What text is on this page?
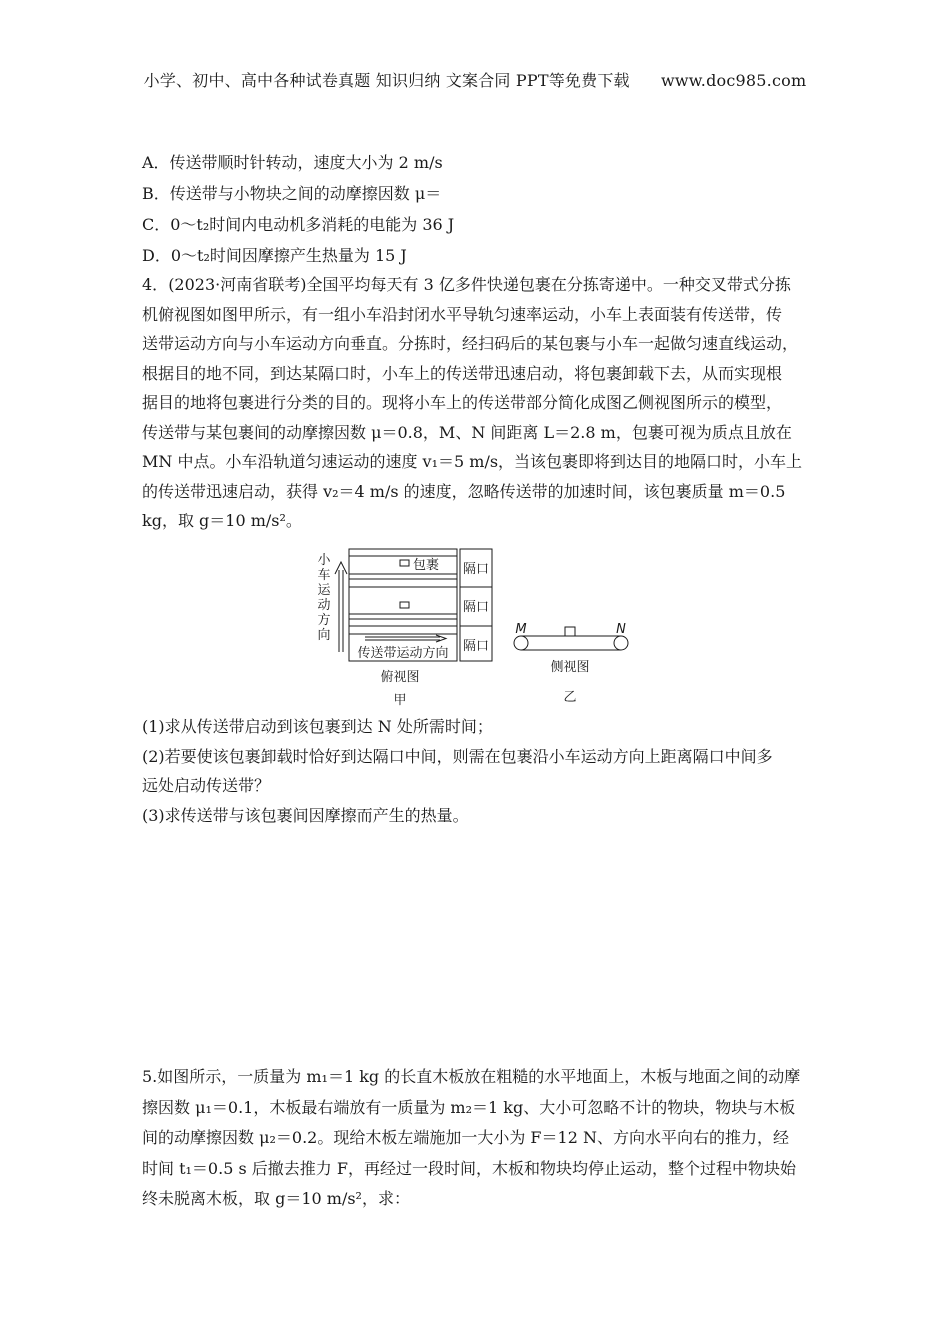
小学、初中、高中各种试卷真题 知识归纳 文案合同 PPT等免费下载 www.doc985.com
A．传送带顺时针转动，速度大小为 2 m/s
B．传送带与小物块之间的动摩擦因数 μ＝
C．0～t₂时间内电动机多消耗的电能为 36 J
D．0～t₂时间因摩擦产生热量为 15 J
4．(2023·河南省联考)全国平均每天有 3 亿多件快递包裹在分拣寄递中。一种交叉带式分拣
机俯视图如图甲所示，有一组小车沿封闭水平导轨匀速率运动，小车上表面装有传送带，传
送带运动方向与小车运动方向垂直。分拣时，经扫码后的某包裹与小车一起做匀速直线运动，
根据目的地不同，到达某隔口时，小车上的传送带迅速启动，将包裹卸载下去，从而实现根
据目的地将包裹进行分类的目的。现将小车上的传送带部分简化成图乙侧视图所示的模型，
传送带与某包裹间的动摩擦因数 μ＝0.8，M、N 间距离 L＝2.8 m，包裹可视为质点且放在
MN 中点。小车沿轨道匀速运动的速度 v₁＝5 m/s，当该包裹即将到达目的地隔口时，小车上
的传送带迅速启动，获得 v₂＝4 m/s 的速度，忽略传送带的加速时间，该包裹质量 m＝0.5
kg，取 g＝10 m/s²。
小
车
运
动
方
向
包裹
传送带运动方向
隔口
隔口
隔口
俯视图
甲
M	N
侧视图
乙
(1)求从传送带启动到该包裹到达 N 处所需时间；
(2)若要使该包裹卸载时恰好到达隔口中间，则需在包裹沿小车运动方向上距离隔口中间多
远处启动传送带？
(3)求传送带与该包裹间因摩擦而产生的热量。
5.如图所示，一质量为 m₁＝1 kg 的长直木板放在粗糙的水平地面上，木板与地面之间的动摩
擦因数 μ₁＝0.1，木板最右端放有一质量为 m₂＝1 kg、大小可忽略不计的物块，物块与木板
间的动摩擦因数 μ₂＝0.2。现给木板左端施加一大小为 F＝12 N、方向水平向右的推力，经
时间 t₁＝0.5 s 后撤去推力 F，再经过一段时间，木板和物块均停止运动，整个过程中物块始
终未脱离木板，取 g＝10 m/s²，求：
